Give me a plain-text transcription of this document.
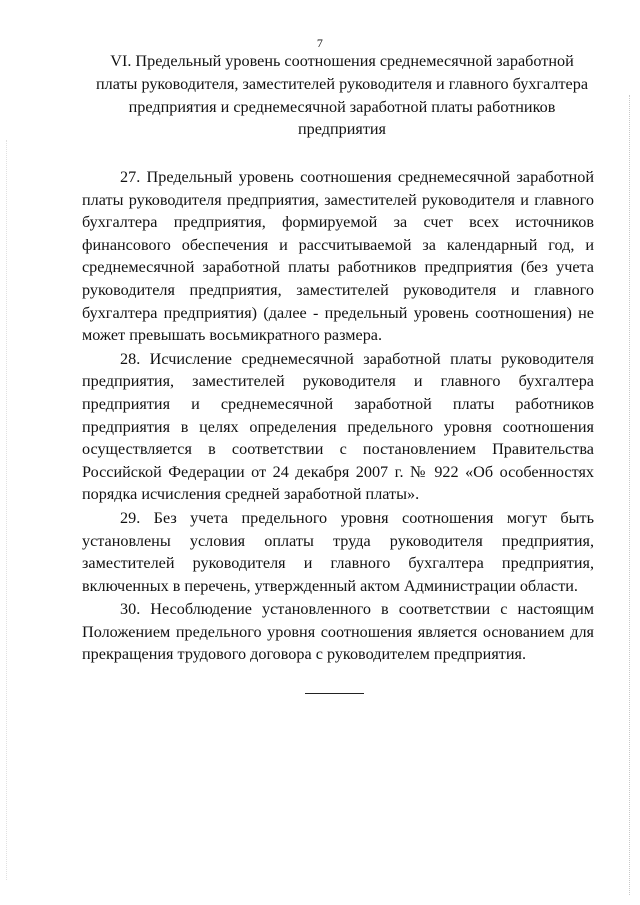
7
VI. Предельный уровень соотношения среднемесячной заработной платы руководителя, заместителей руководителя и главного бухгалтера предприятия и среднемесячной заработной платы работников предприятия

27. Предельный уровень соотношения среднемесячной заработной платы руководителя предприятия, заместителей руководителя и главного бухгалтера предприятия, формируемой за счет всех источников финансового обеспечения и рассчитываемой за календарный год, и среднемесячной заработной платы работников предприятия (без учета руководителя предприятия, заместителей руководителя и главного бухгалтера предприятия) (далее - предельный уровень соотношения) не может превышать восьмикратного размера.

28. Исчисление среднемесячной заработной платы руководителя предприятия, заместителей руководителя и главного бухгалтера предприятия и среднемесячной заработной платы работников предприятия в целях определения предельного уровня соотношения осуществляется в соответствии с постановлением Правительства Российской Федерации от 24 декабря 2007 г. № 922 «Об особенностях порядка исчисления средней заработной платы».

29. Без учета предельного уровня соотношения могут быть установлены условия оплаты труда руководителя предприятия, заместителей руководителя и главного бухгалтера предприятия, включенных в перечень, утвержденный актом Администрации области.

30. Несоблюдение установленного в соответствии с настоящим Положением предельного уровня соотношения является основанием для прекращения трудового договора с руководителем предприятия.
